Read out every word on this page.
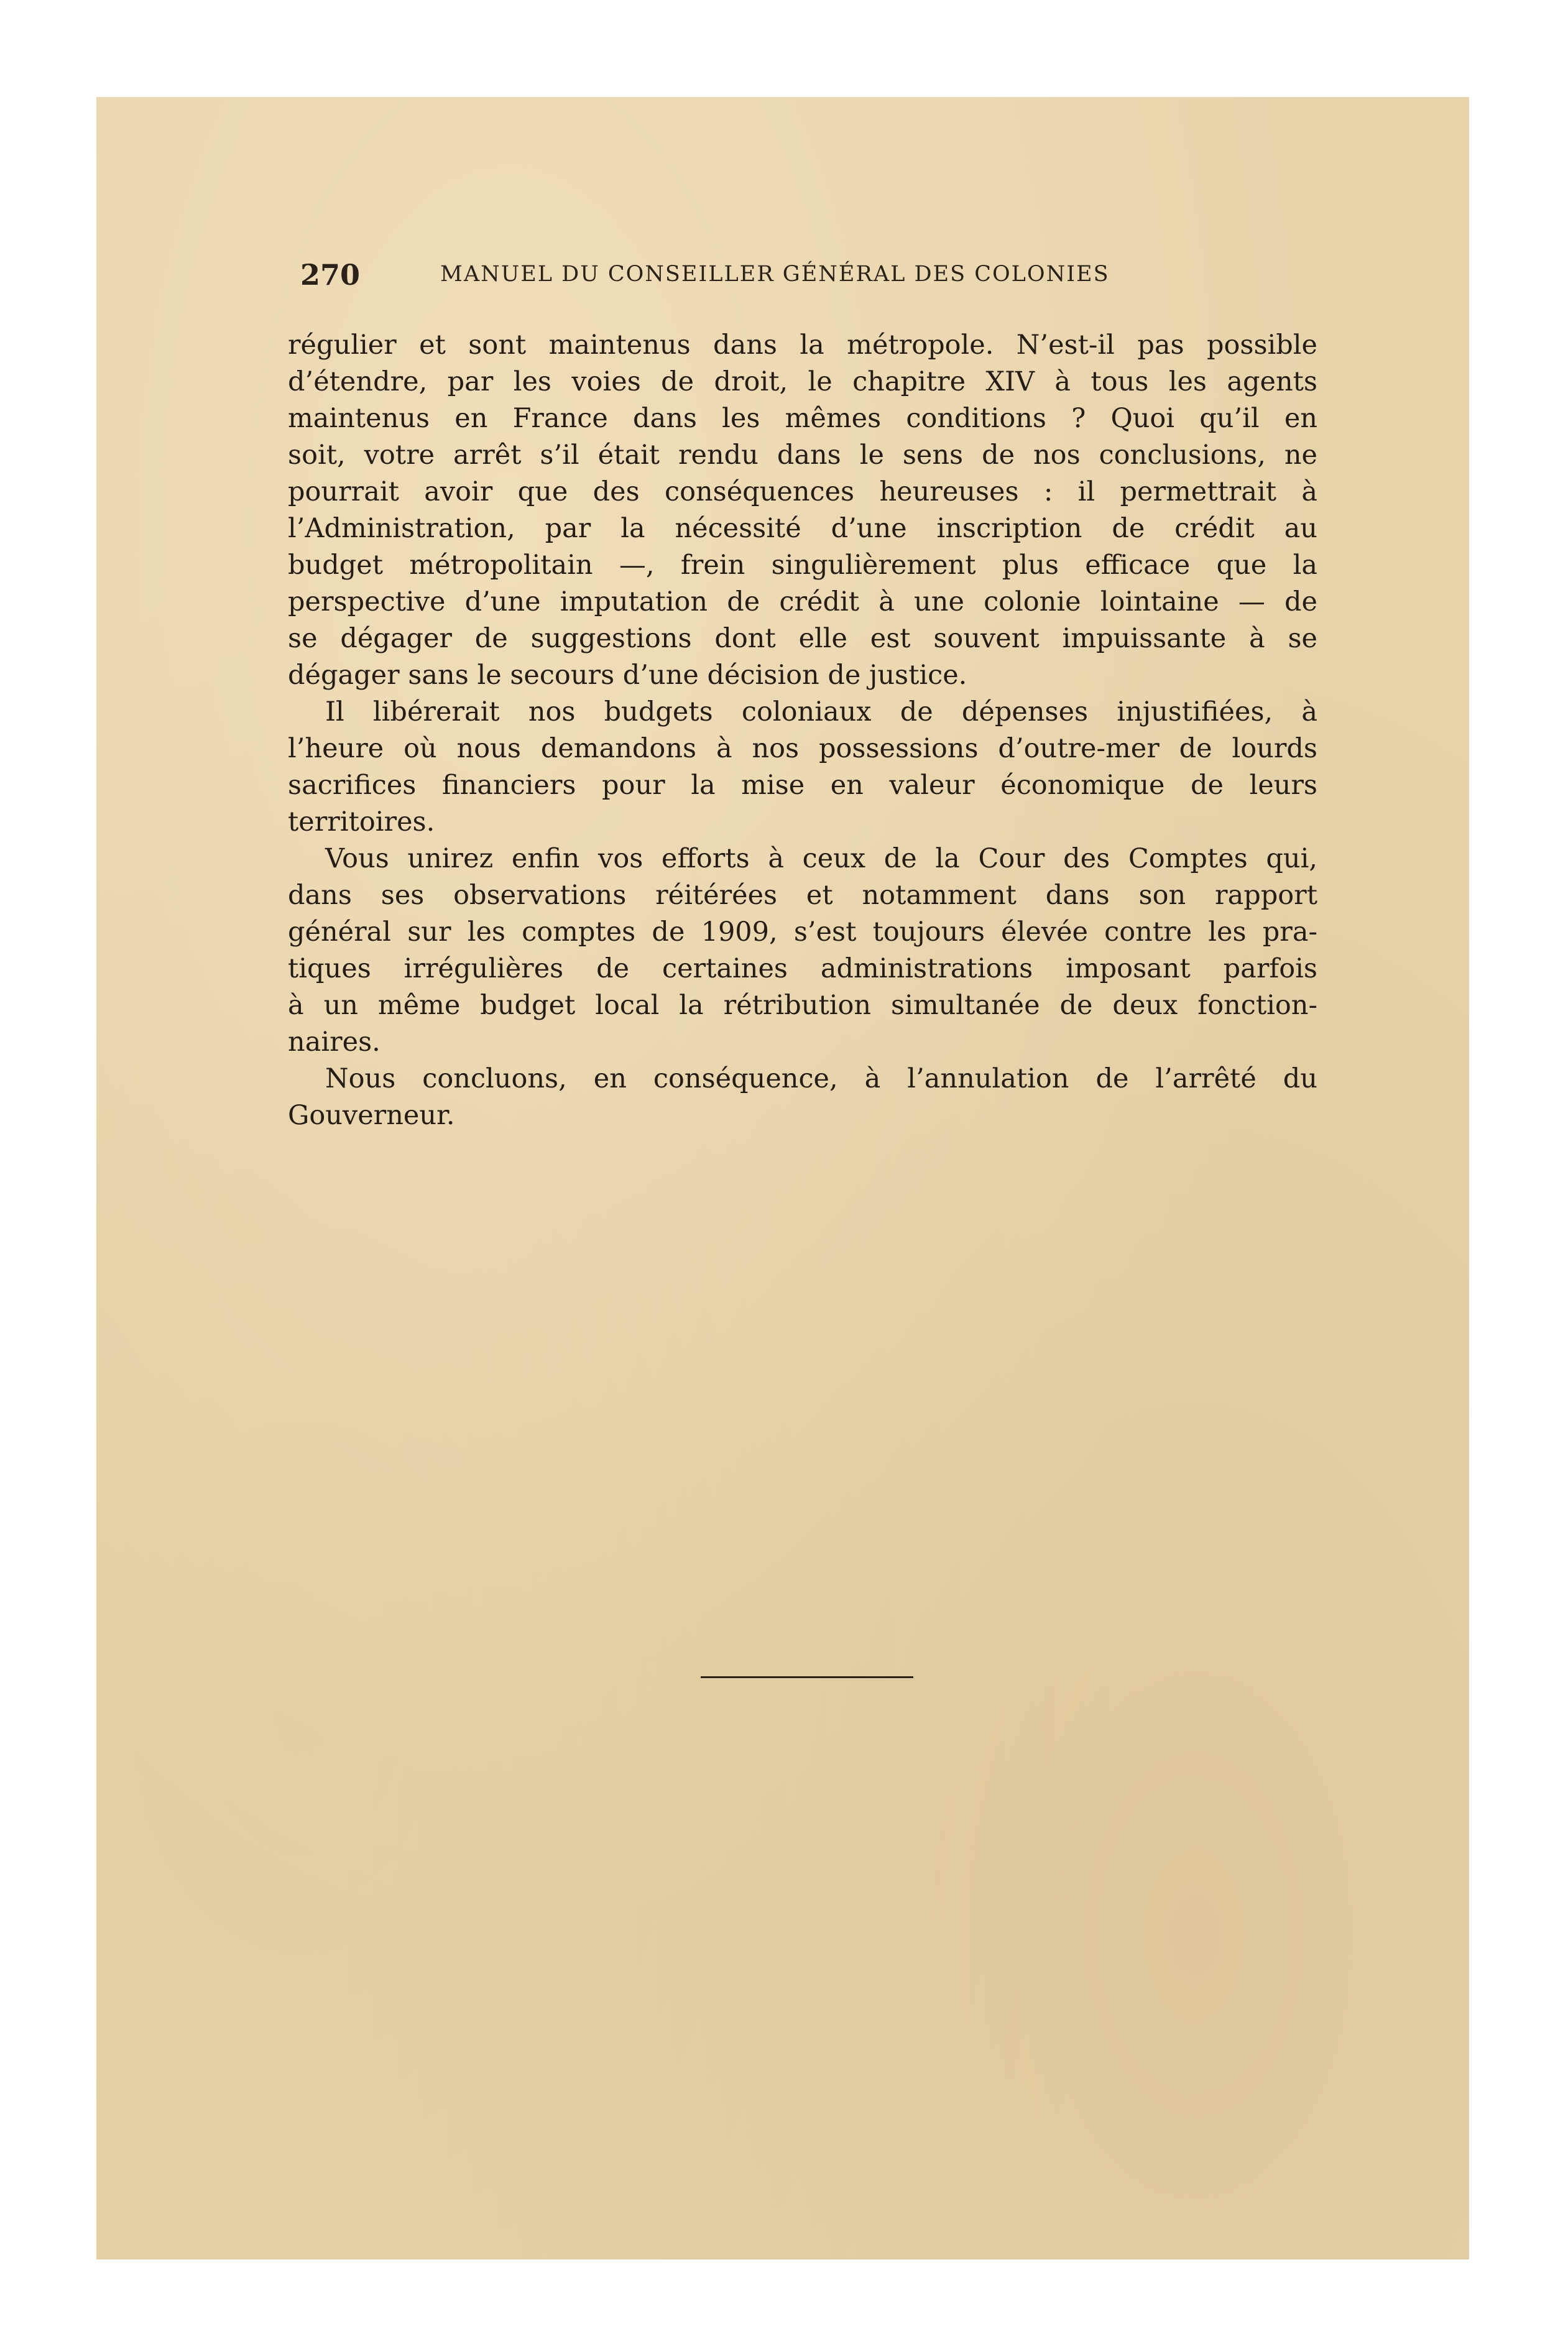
270	MANUEL DU CONSEILLER GÉNÉRAL DES COLONIES
régulier et sont maintenus dans la métropole. N’est-il pas possible
d’étendre, par les voies de droit, le chapitre XIV à tous les agents
maintenus en France dans les mêmes conditions ? Quoi qu’il en
soit, votre arrêt s’il était rendu dans le sens de nos conclusions, ne
pourrait avoir que des conséquences heureuses : il permettrait à
l’Administration, par la nécessité d’une inscription de crédit au
budget métropolitain —, frein singulièrement plus efficace que la
perspective d’une imputation de crédit à une colonie lointaine — de
se dégager de suggestions dont elle est souvent impuissante à se
dégager sans le secours d’une décision de justice.
Il libérerait nos budgets coloniaux de dépenses injustifiées, à
l’heure où nous demandons à nos possessions d’outre-mer de lourds
sacrifices financiers pour la mise en valeur économique de leurs
territoires.
Vous unirez enfin vos efforts à ceux de la Cour des Comptes qui,
dans ses observations réitérées et notamment dans son rapport
général sur les comptes de 1909, s’est toujours élevée contre les pra-
tiques irrégulières de certaines administrations imposant parfois
à un même budget local la rétribution simultanée de deux fonction-
naires.
Nous concluons, en conséquence, à l’annulation de l’arrêté du
Gouverneur.
